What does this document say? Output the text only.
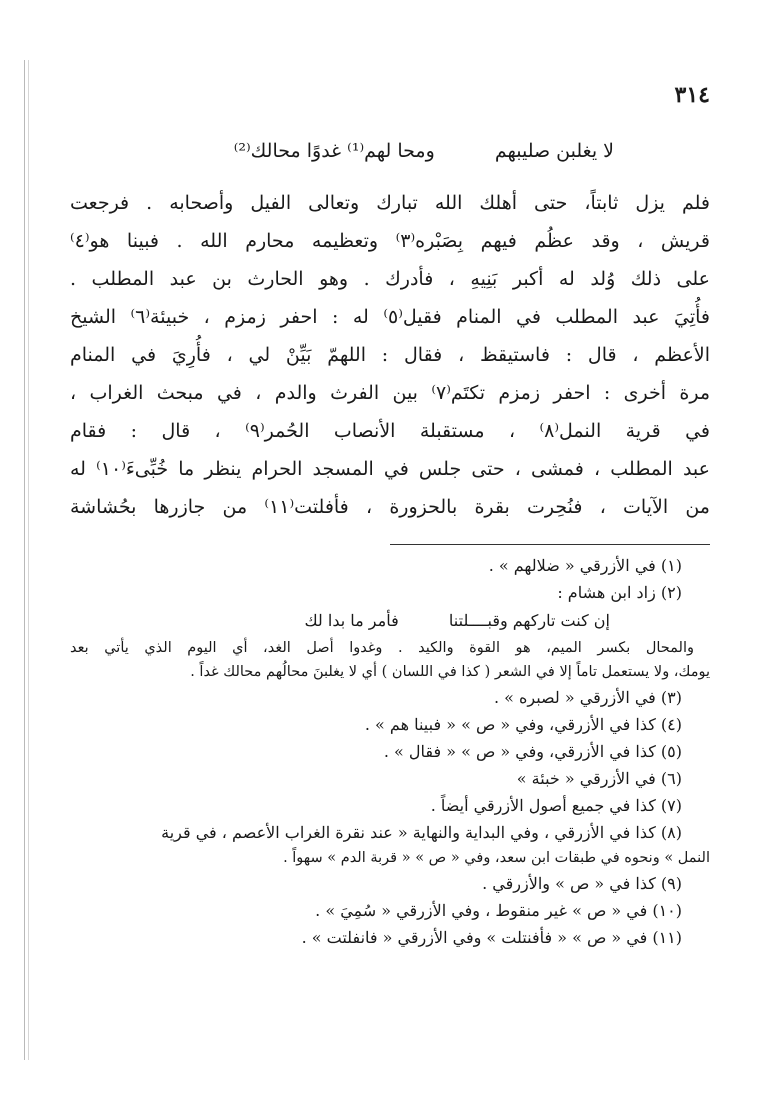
٣١٤
لا يغلبن صليبهم  ومحا لهم⁽¹⁾ غدوًا محالك⁽²⁾
فلم يزل ثابتاً، حتى أهلك الله تبارك وتعالى الفيل وأصحابه . فرجعت
قريش ، وقد عظُم فيهم بِصَبْره⁽٣⁾ وتعظيمه محارم الله . فبينا هو⁽٤⁾
على ذلك وُلد له أكبر بَنِيهِ ، فأدرك . وهو الحارث بن عبد المطلب .
فأُتِيَ عبد المطلب في المنام فقيل⁽٥⁾ له : احفر زمزم ، خبيئة⁽٦⁾ الشيخ
الأعظم ، قال : فاستيقظ ، فقال : اللهمّ بَيِّنْ لي ، فأُرِيَ في المنام
مرة أخرى : احفر زمزم تكتَم⁽٧⁾ بين الفرث والدم ، في مبحث الغراب ،
في قرية النمل⁽٨⁾ ، مستقبلة الأنصاب الحُمر⁽٩⁾ ، قال : فقام
عبد المطلب ، فمشى ، حتى جلس في المسجد الحرام ينظر ما خُبِّىءَ⁽١٠⁾ له
من الآيات ، فنُحِرت بقرة بالحزورة ، فأفلتت⁽١١⁾ من جازرها بحُشاشة
(١) في الأزرقي « ضلالهم » .
(٢) زاد ابن هشام :
إن كنت تاركهم وقبــــلتنا  فأمر ما بدا لك
والمحال بكسر الميم، هو القوة والكيد . وغدوا أصل الغد، أي اليوم الذي يأتي بعد
يومك، ولا يستعمل تاماً إلا في الشعر ( كذا في اللسان ) أي لا يغلبنَ محالُهم محالك غداً .
(٣) في الأزرقي « لصبره » .
(٤) كذا في الأزرقي، وفي « ص » « فبينا هم » .
(٥) كذا في الأزرقي، وفي « ص » « فقال » .
(٦) في الأزرقي « خبئة »
(٧) كذا في جميع أصول الأزرقي أيضاً .
(٨) كذا في الأزرقي ، وفي البداية والنهاية « عند نقرة الغراب الأعصم ، في قرية
النمل » ونحوه في طبقات ابن سعد، وفي « ص » « قربة الدم » سهواً .
(٩) كذا في « ص » والأزرقي .
(١٠) في « ص » غير منقوط ، وفي الأزرقي « سُمِيَ » .
(١١) في « ص » « فأفنتلت » وفي الأزرقي « فانفلتت » .
